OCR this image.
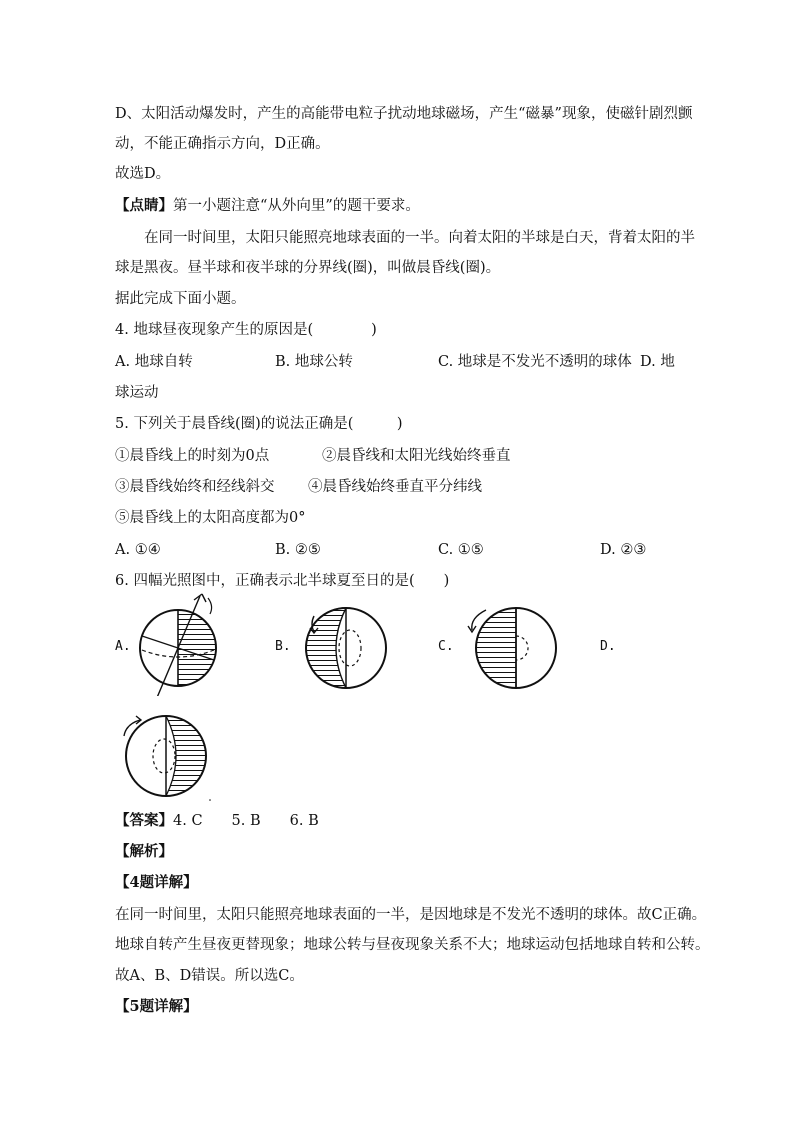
D、太阳活动爆发时，产生的高能带电粒子扰动地球磁场，产生“磁暴”现象，使磁针剧烈颤
动，不能正确指示方向，D正确。
故选D。
【点睛】第一小题注意“从外向里”的题干要求。
在同一时间里，太阳只能照亮地球表面的一半。向着太阳的半球是白天，背着太阳的半
球是黑夜。昼半球和夜半球的分界线(圈)，叫做晨昏线(圈)。
据此完成下面小题。
4. 地球昼夜现象产生的原因是(　　　　)
A. 地球自转	B. 地球公转	C. 地球是不发光不透明的球体 D. 地
球运动
5. 下列关于晨昏线(圈)的说法正确是(　　　)
①晨昏线上的时刻为0点	②晨昏线和太阳光线始终垂直
③晨昏线始终和经线斜交 ④晨昏线始终垂直平分纬线
⑤晨昏线上的太阳高度都为0°
A. ①④	B. ②⑤	C. ①⑤	D. ②③
6. 四幅光照图中，正确表示北半球夏至日的是(　　)
A.	B.	C.	D.
【答案】4. C　　5. B　　6. B
【解析】
【4题详解】
在同一时间里，太阳只能照亮地球表面的一半，是因地球是不发光不透明的球体。故C正确。
地球自转产生昼夜更替现象；地球公转与昼夜现象关系不大；地球运动包括地球自转和公转。
故A、B、D错误。所以选C。
【5题详解】
